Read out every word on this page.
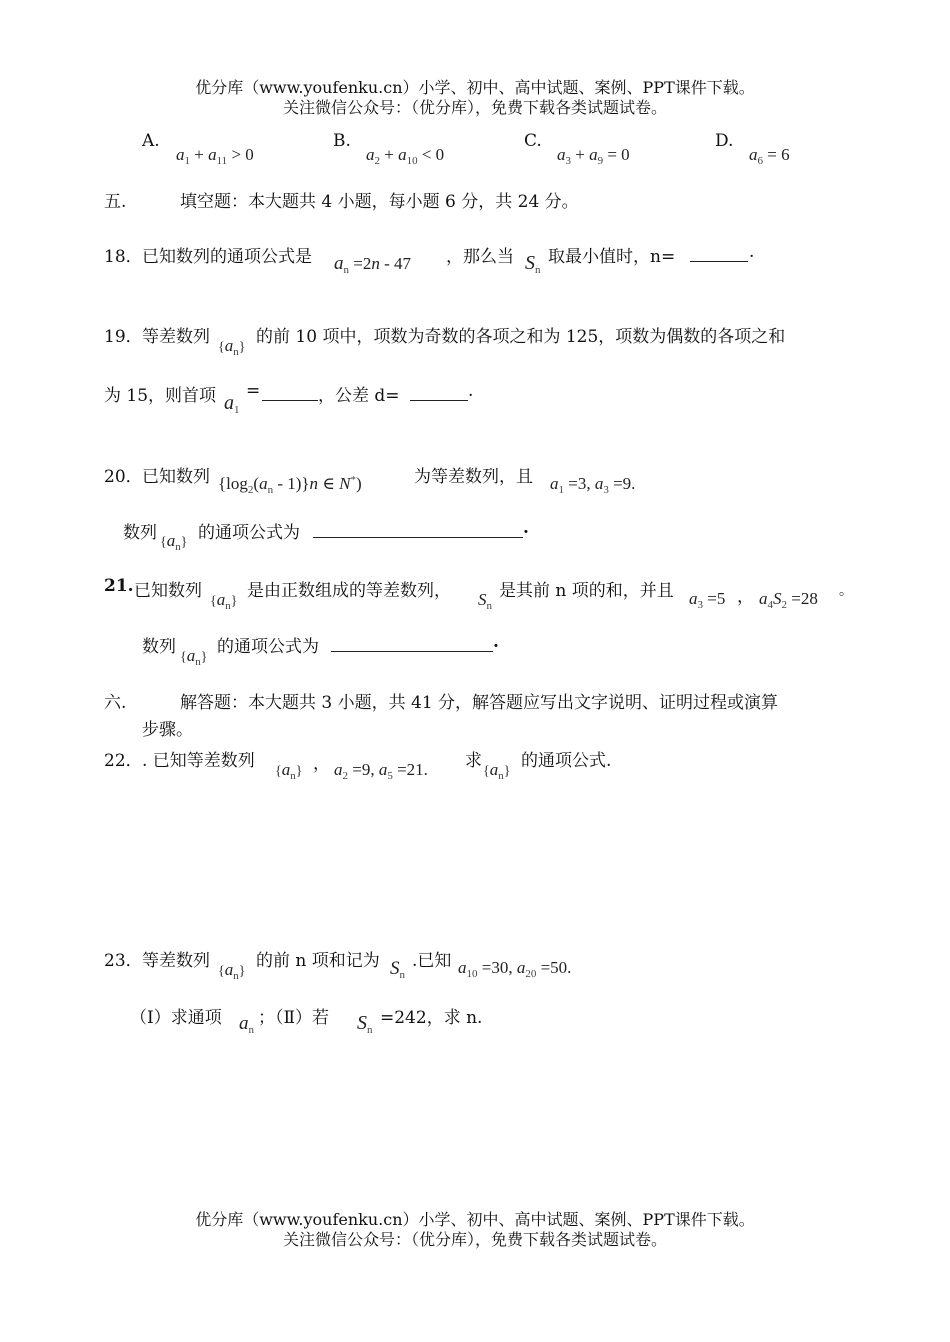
优分库（www.youfenku.cn）小学、初中、高中试题、案例、PPT课件下载。
关注微信公众号：（优分库），免费下载各类试题试卷。
A.
$a_1 + a_{11} > 0$
B.
$a_2 + a_{10} < 0$
C.
$a_3 + a_9 = 0$
D.
$a_6 = 6$
五.	填空题：本大题共 4 小题，每小题 6 分，共 24 分。
18． 已知数列的通项公式是 $a_n =2n - 47$ ，那么当 $S_n$
取最小值时，n=	.
19． 等差数列
$\{a_n\}$
的前 10 项中，项数为奇数的各项之和为 125，项数为偶数的各项之和
为 15，则首项 $a_1$
=	，公差 d=	.
20． 已知数列 $\{\log_2(a_n - 1)\}n$ ∈ N*)	为等差数列，且 $a_1 =3$, $a_3 =9$.
数列 $\{a_n\}$ 的通项公式为	.
21. 已知数列
$\{a_n\}$
是由正数组成的等差数列， $S_n$
是其前 n 项的和，并且 $a_3 =5$ ， $a_4S_2 =28$ 。
数列
$\{a_n\}$
的通项公式为	.
六.	解答题：本大题共 3 小题，共 41 分，解答题应写出文字说明、证明过程或演算
步骤。
22． . 已知等差数列
$\{a_n\}$ ， $a_2 =9$, $a_5 =21$. 求
$\{a_n\}$
的通项公式.
23． 等差数列
$\{a_n\}$
的前 n 项和记为 $S_n$
.已知 $a_{10} =30$, $a_{20} =50$.
（Ⅰ）求通项 $a_n$
；（Ⅱ）若 $S_n$
=242，求 n.
优分库（www.youfenku.cn）小学、初中、高中试题、案例、PPT课件下载。
关注微信公众号：（优分库），免费下载各类试题试卷。
